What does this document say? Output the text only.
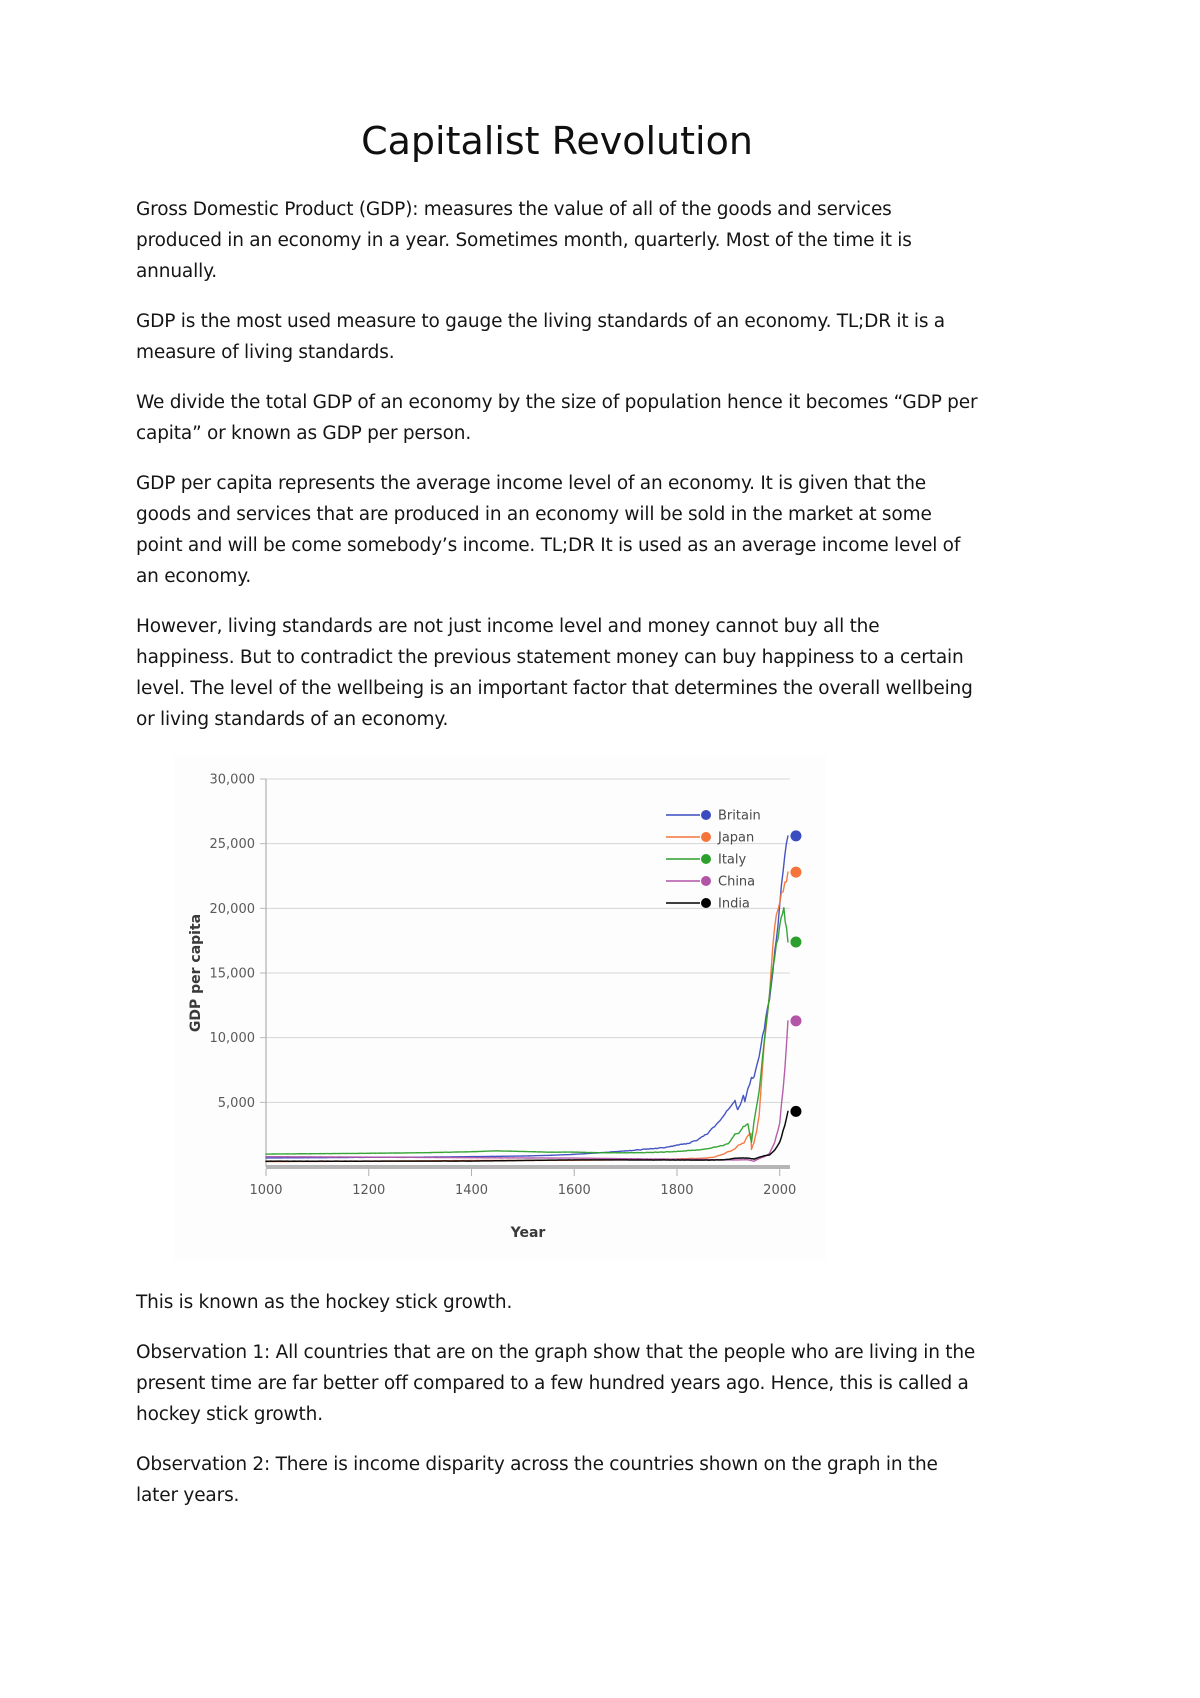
Capitalist Revolution

Gross Domestic Product (GDP): measures the value of all of the goods and services produced in an economy in a year. Sometimes month, quarterly. Most of the time it is annually.

GDP is the most used measure to gauge the living standards of an economy. TL;DR it is a measure of living standards.

We divide the total GDP of an economy by the size of population hence it becomes “GDP per capita” or known as GDP per person.

GDP per capita represents the average income level of an economy. It is given that the goods and services that are produced in an economy will be sold in the market at some point and will be come somebody’s income. TL;DR It is used as an average income level of an economy.

However, living standards are not just income level and money cannot buy all the happiness. But to contradict the previous statement money can buy happiness to a certain level. The level of the wellbeing is an important factor that determines the overall wellbeing or living standards of an economy.

5,000
10,000
15,000
20,000
25,000
30,000
1000	1200	1400	1600	1800	2000
Year
GDP per capita
Britain
Japan
Italy
China
India

This is known as the hockey stick growth.

Observation 1: All countries that are on the graph show that the people who are living in the present time are far better off compared to a few hundred years ago. Hence, this is called a hockey stick growth.

Observation 2: There is income disparity across the countries shown on the graph in the later years.
